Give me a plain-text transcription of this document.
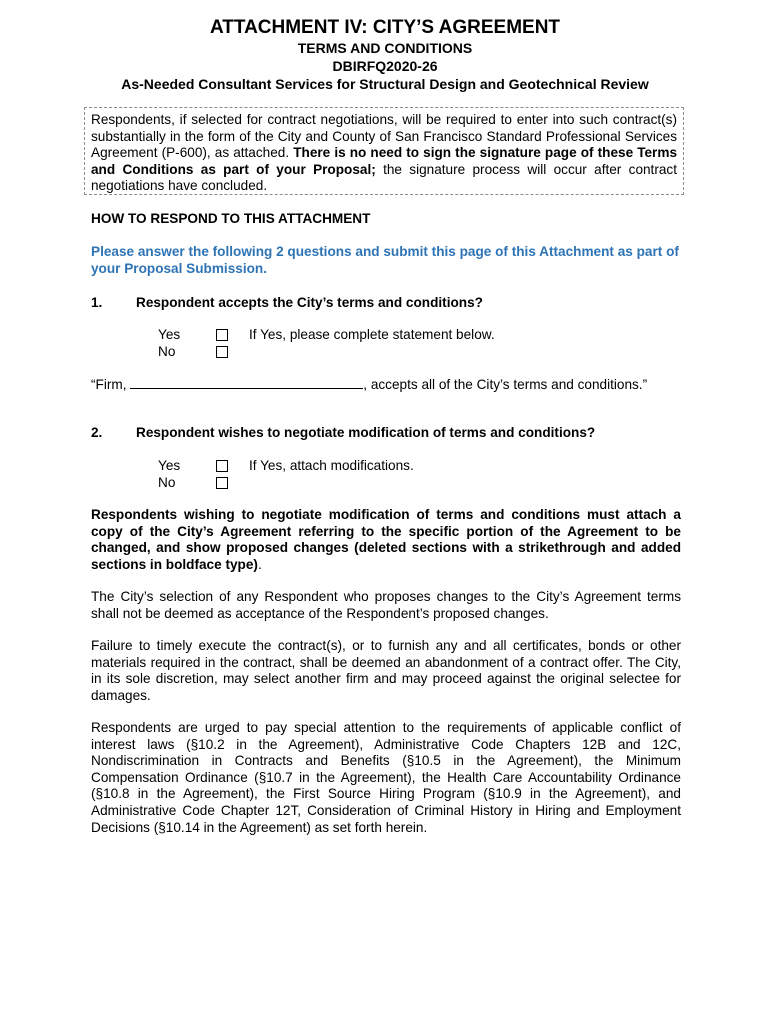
ATTACHMENT IV: CITY’S AGREEMENT
TERMS AND CONDITIONS
DBIRFQ2020-26
As-Needed Consultant Services for Structural Design and Geotechnical Review
Respondents, if selected for contract negotiations, will be required to enter into such contract(s) substantially in the form of the City and County of San Francisco Standard Professional Services Agreement (P-600), as attached. There is no need to sign the signature page of these Terms and Conditions as part of your Proposal; the signature process will occur after contract negotiations have concluded.
HOW TO RESPOND TO THIS ATTACHMENT
Please answer the following 2 questions and submit this page of this Attachment as part of your Proposal Submission.
1. Respondent accepts the City’s terms and conditions?
Yes	If Yes, please complete statement below.
No
“Firm,	, accepts all of the City’s terms and conditions.”
2. Respondent wishes to negotiate modification of terms and conditions?
Yes	If Yes, attach modifications.
No
Respondents wishing to negotiate modification of terms and conditions must attach a copy of the City’s Agreement referring to the specific portion of the Agreement to be changed, and show proposed changes (deleted sections with a strikethrough and added sections in boldface type).
The City’s selection of any Respondent who proposes changes to the City’s Agreement terms shall not be deemed as acceptance of the Respondent’s proposed changes.
Failure to timely execute the contract(s), or to furnish any and all certificates, bonds or other materials required in the contract, shall be deemed an abandonment of a contract offer. The City, in its sole discretion, may select another firm and may proceed against the original selectee for damages.
Respondents are urged to pay special attention to the requirements of applicable conflict of interest laws (§10.2 in the Agreement), Administrative Code Chapters 12B and 12C, Nondiscrimination in Contracts and Benefits (§10.5 in the Agreement), the Minimum Compensation Ordinance (§10.7 in the Agreement), the Health Care Accountability Ordinance (§10.8 in the Agreement), the First Source Hiring Program (§10.9 in the Agreement), and Administrative Code Chapter 12T, Consideration of Criminal History in Hiring and Employment Decisions (§10.14 in the Agreement) as set forth herein.
